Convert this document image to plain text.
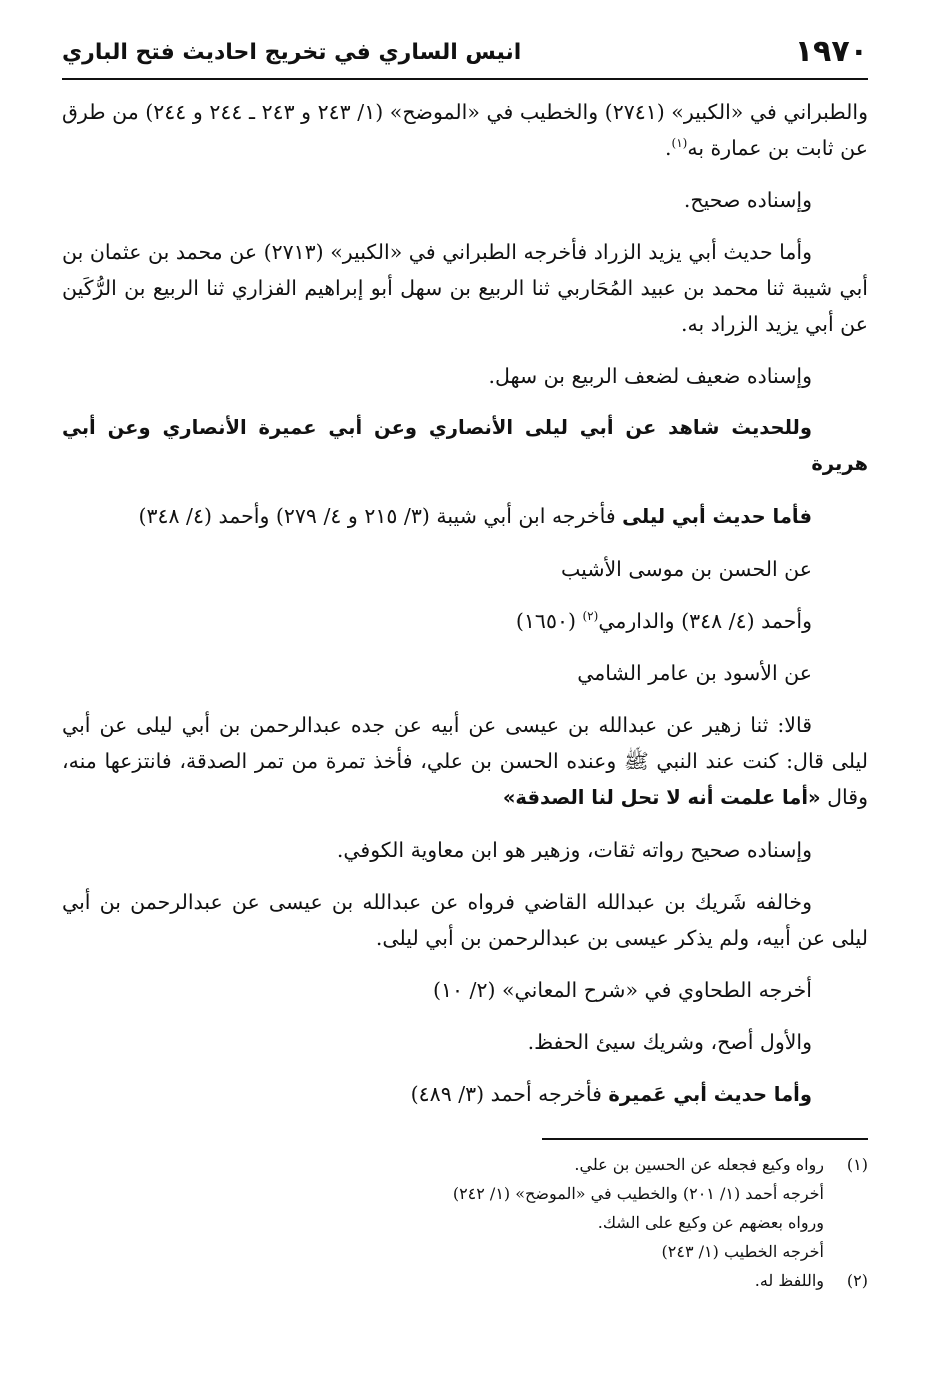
١٩٧٠
انيس الساري في تخريج احاديث فتح الباري

والطبراني في «الكبير» (٢٧٤١) والخطيب في «الموضح» (١/ ٢٤٣ و ٢٤٣ ـ ٢٤٤ و ٢٤٤) من طرق عن ثابت بن عمارة به$^{(١)}$.

وإسناده صحيح.

وأما حديث أبي يزيد الزراد فأخرجه الطبراني في «الكبير» (٢٧١٣) عن محمد بن عثمان بن أبي شيبة ثنا محمد بن عبيد المُحَاربي ثنا الربيع بن سهل أبو إبراهيم الفزاري ثنا الربيع بن الرُّكَين عن أبي يزيد الزراد به.

وإسناده ضعيف لضعف الربيع بن سهل.

وللحديث شاهد عن أبي ليلى الأنصاري وعن أبي عميرة الأنصاري وعن أبي هريرة

فأما حديث أبي ليلى فأخرجه ابن أبي شيبة (٣/ ٢١٥ و ٤/ ٢٧٩) وأحمد (٤/ ٣٤٨)

عن الحسن بن موسى الأشيب

وأحمد (٤/ ٣٤٨) والدارمي$^{(٢)}$ (١٦٥٠)

عن الأسود بن عامر الشامي

قالا: ثنا زهير عن عبدالله بن عيسى عن أبيه عن جده عبدالرحمن بن أبي ليلى عن أبي ليلى قال: كنت عند النبي ﷺ وعنده الحسن بن علي، فأخذ تمرة من تمر الصدقة، فانتزعها منه، وقال «أما علمت أنه لا تحل لنا الصدقة»

وإسناده صحيح رواته ثقات، وزهير هو ابن معاوية الكوفي.

وخالفه شَريك بن عبدالله القاضي فرواه عن عبدالله بن عيسى عن عبدالرحمن بن أبي ليلى عن أبيه، ولم يذكر عيسى بن عبدالرحمن بن أبي ليلى.

أخرجه الطحاوي في «شرح المعاني» (٢/ ١٠)

والأول أصح، وشريك سيئ الحفظ.

وأما حديث أبي عَميرة فأخرجه أحمد (٣/ ٤٨٩)

(١)
رواه وكيع فجعله عن الحسين بن علي.
أخرجه أحمد (١/ ٢٠١) والخطيب في «الموضح» (١/ ٢٤٢)
ورواه بعضهم عن وكيع على الشك.
أخرجه الخطيب (١/ ٢٤٣)
(٢)
واللفظ له.
